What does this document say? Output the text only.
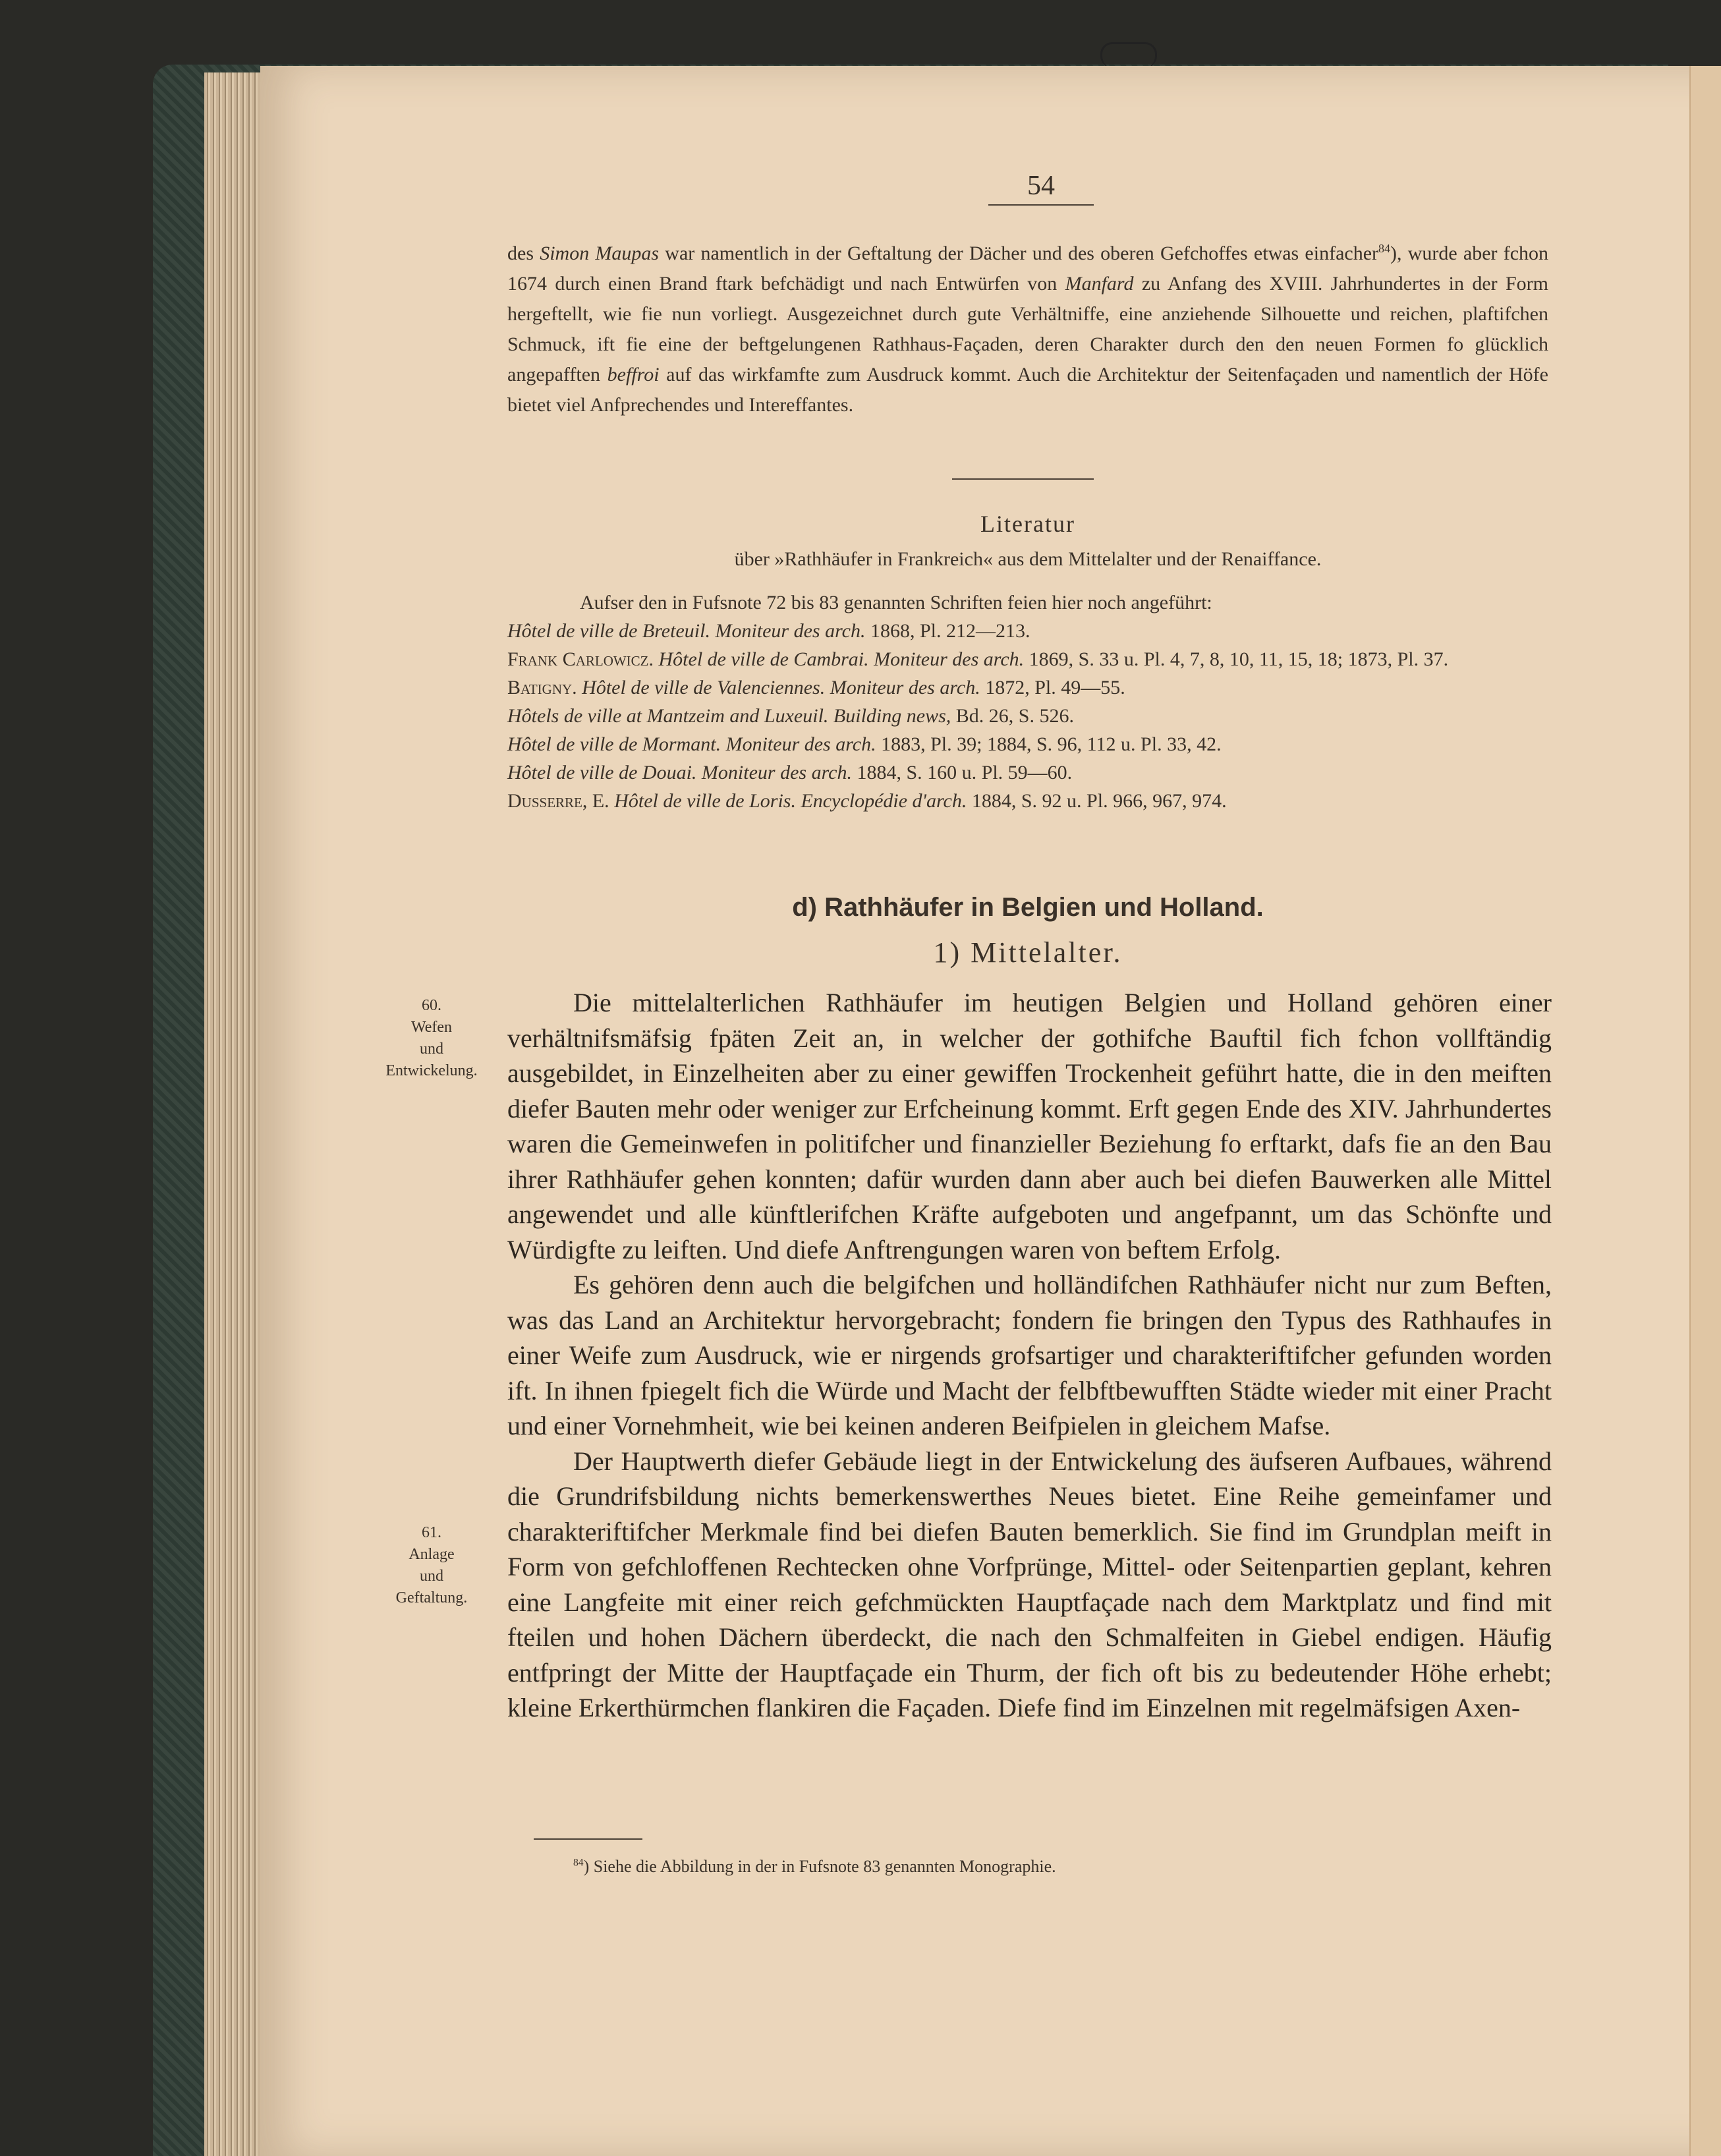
54

des Simon Maupas war namentlich in der Geftaltung der Dächer und des oberen Gefchoffes etwas einfacher$^{84}$), wurde aber fchon 1674 durch einen Brand ftark befchädigt und nach Entwürfen von Manfard zu Anfang des XVIII. Jahrhundertes in der Form hergeftellt, wie fie nun vorliegt. Ausgezeichnet durch gute Verhältniffe, eine anziehende Silhouette und reichen, plaftifchen Schmuck, ift fie eine der beftgelungenen Rathhaus-Façaden, deren Charakter durch den den neuen Formen fo glücklich angepafften beffroi auf das wirkfamfte zum Ausdruck kommt. Auch die Architektur der Seitenfaçaden und namentlich der Höfe bietet viel Anfprechendes und Intereffantes.

Literatur
über »Rathhäufer in Frankreich« aus dem Mittelalter und der Renaiffance.
Aufser den in Fufsnote 72 bis 83 genannten Schriften feien hier noch angeführt:
Hôtel de ville de Breteuil. Moniteur des arch. 1868, Pl. 212—213.
Frank Carlowicz. Hôtel de ville de Cambrai. Moniteur des arch. 1869, S. 33 u. Pl. 4, 7, 8, 10, 11, 15, 18; 1873, Pl. 37.
Batigny. Hôtel de ville de Valenciennes. Moniteur des arch. 1872, Pl. 49—55.
Hôtels de ville at Mantzeim and Luxeuil. Building news, Bd. 26, S. 526.
Hôtel de ville de Mormant. Moniteur des arch. 1883, Pl. 39; 1884, S. 96, 112 u. Pl. 33, 42.
Hôtel de ville de Douai. Moniteur des arch. 1884, S. 160 u. Pl. 59—60.
Dusserre, E. Hôtel de ville de Loris. Encyclopédie d'arch. 1884, S. 92 u. Pl. 966, 967, 974.
d) Rathhäufer in Belgien und Holland.
1) Mittelalter.

Die mittelalterlichen Rathhäufer im heutigen Belgien und Holland gehören einer verhältnifsmäfsig fpäten Zeit an, in welcher der gothifche Bauftil fich fchon vollftändig ausgebildet, in Einzelheiten aber zu einer gewiffen Trockenheit geführt hatte, die in den meiften diefer Bauten mehr oder weniger zur Erfcheinung kommt. Erft gegen Ende des XIV. Jahrhundertes waren die Gemeinwefen in politifcher und finanzieller Beziehung fo erftarkt, dafs fie an den Bau ihrer Rathhäufer gehen konnten; dafür wurden dann aber auch bei diefen Bauwerken alle Mittel angewendet und alle künftlerifchen Kräfte aufgeboten und angefpannt, um das Schönfte und Würdigfte zu leiften. Und diefe Anftrengungen waren von beftem Erfolg.

Es gehören denn auch die belgifchen und holländifchen Rathhäufer nicht nur zum Beften, was das Land an Architektur hervorgebracht; fondern fie bringen den Typus des Rathhaufes in einer Weife zum Ausdruck, wie er nirgends grofsartiger und charakteriftifcher gefunden worden ift. In ihnen fpiegelt fich die Würde und Macht der felbftbewufften Städte wieder mit einer Pracht und einer Vornehmheit, wie bei keinen anderen Beifpielen in gleichem Mafse.

Der Hauptwerth diefer Gebäude liegt in der Entwickelung des äufseren Aufbaues, während die Grundrifsbildung nichts bemerkenswerthes Neues bietet. Eine Reihe gemeinfamer und charakteriftifcher Merkmale find bei diefen Bauten bemerklich. Sie find im Grundplan meift in Form von gefchloffenen Rechtecken ohne Vorfprünge, Mittel- oder Seitenpartien geplant, kehren eine Langfeite mit einer reich gefchmückten Hauptfaçade nach dem Marktplatz und find mit fteilen und hohen Dächern überdeckt, die nach den Schmalfeiten in Giebel endigen. Häufig entfpringt der Mitte der Hauptfaçade ein Thurm, der fich oft bis zu bedeutender Höhe erhebt; kleine Erkerthürmchen flankiren die Façaden. Diefe find im Einzelnen mit regelmäfsigen Axen-

60.
Wefen
und
Entwickelung.
61.
Anlage
und
Geftaltung.
$^{84}$) Siehe die Abbildung in der in Fufsnote 83 genannten Monographie.
